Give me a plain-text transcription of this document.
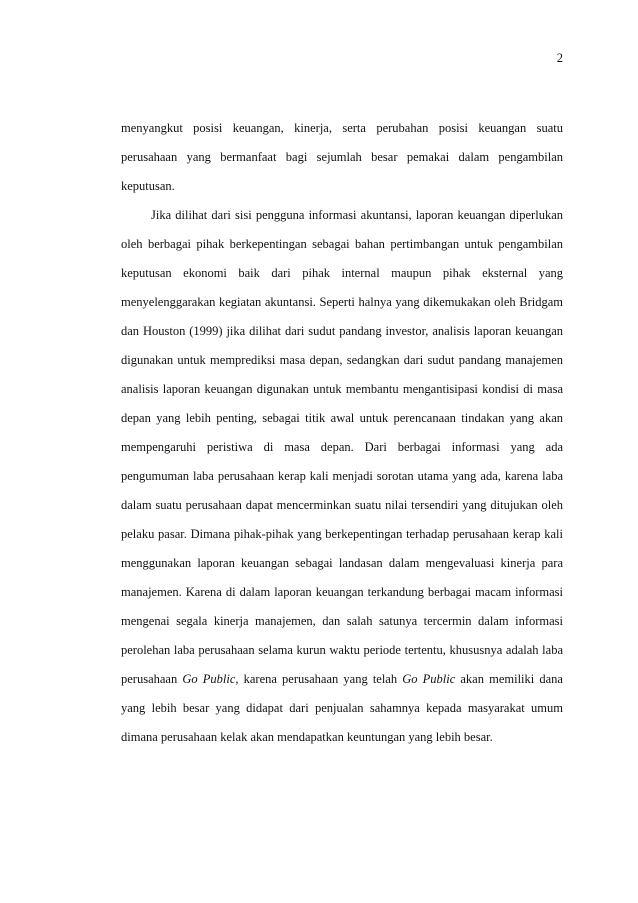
2
menyangkut posisi keuangan, kinerja, serta perubahan posisi keuangan suatu
perusahaan yang bermanfaat bagi sejumlah besar pemakai dalam pengambilan
keputusan.
Jika dilihat dari sisi pengguna informasi akuntansi, laporan keuangan diperlukan
oleh berbagai pihak berkepentingan sebagai bahan pertimbangan untuk pengambilan
keputusan ekonomi baik dari pihak internal maupun pihak eksternal yang
menyelenggarakan kegiatan akuntansi. Seperti halnya yang dikemukakan oleh Bridgam
dan Houston (1999) jika dilihat dari sudut pandang investor, analisis laporan keuangan
digunakan untuk memprediksi masa depan, sedangkan dari sudut pandang manajemen
analisis laporan keuangan digunakan untuk membantu mengantisipasi kondisi di masa
depan yang lebih penting, sebagai titik awal untuk perencanaan tindakan yang akan
mempengaruhi peristiwa di masa depan. Dari berbagai informasi yang ada
pengumuman laba perusahaan kerap kali menjadi sorotan utama yang ada, karena laba
dalam suatu perusahaan dapat mencerminkan suatu nilai tersendiri yang ditujukan oleh
pelaku pasar. Dimana pihak-pihak yang berkepentingan terhadap perusahaan kerap kali
menggunakan laporan keuangan sebagai landasan dalam mengevaluasi kinerja para
manajemen. Karena di dalam laporan keuangan terkandung berbagai macam informasi
mengenai segala kinerja manajemen, dan salah satunya tercermin dalam informasi
perolehan laba perusahaan selama kurun waktu periode tertentu, khususnya adalah laba
perusahaan Go Public, karena perusahaan yang telah Go Public akan memiliki dana
yang lebih besar yang didapat dari penjualan sahamnya kepada masyarakat umum
dimana perusahaan kelak akan mendapatkan keuntungan yang lebih besar.
